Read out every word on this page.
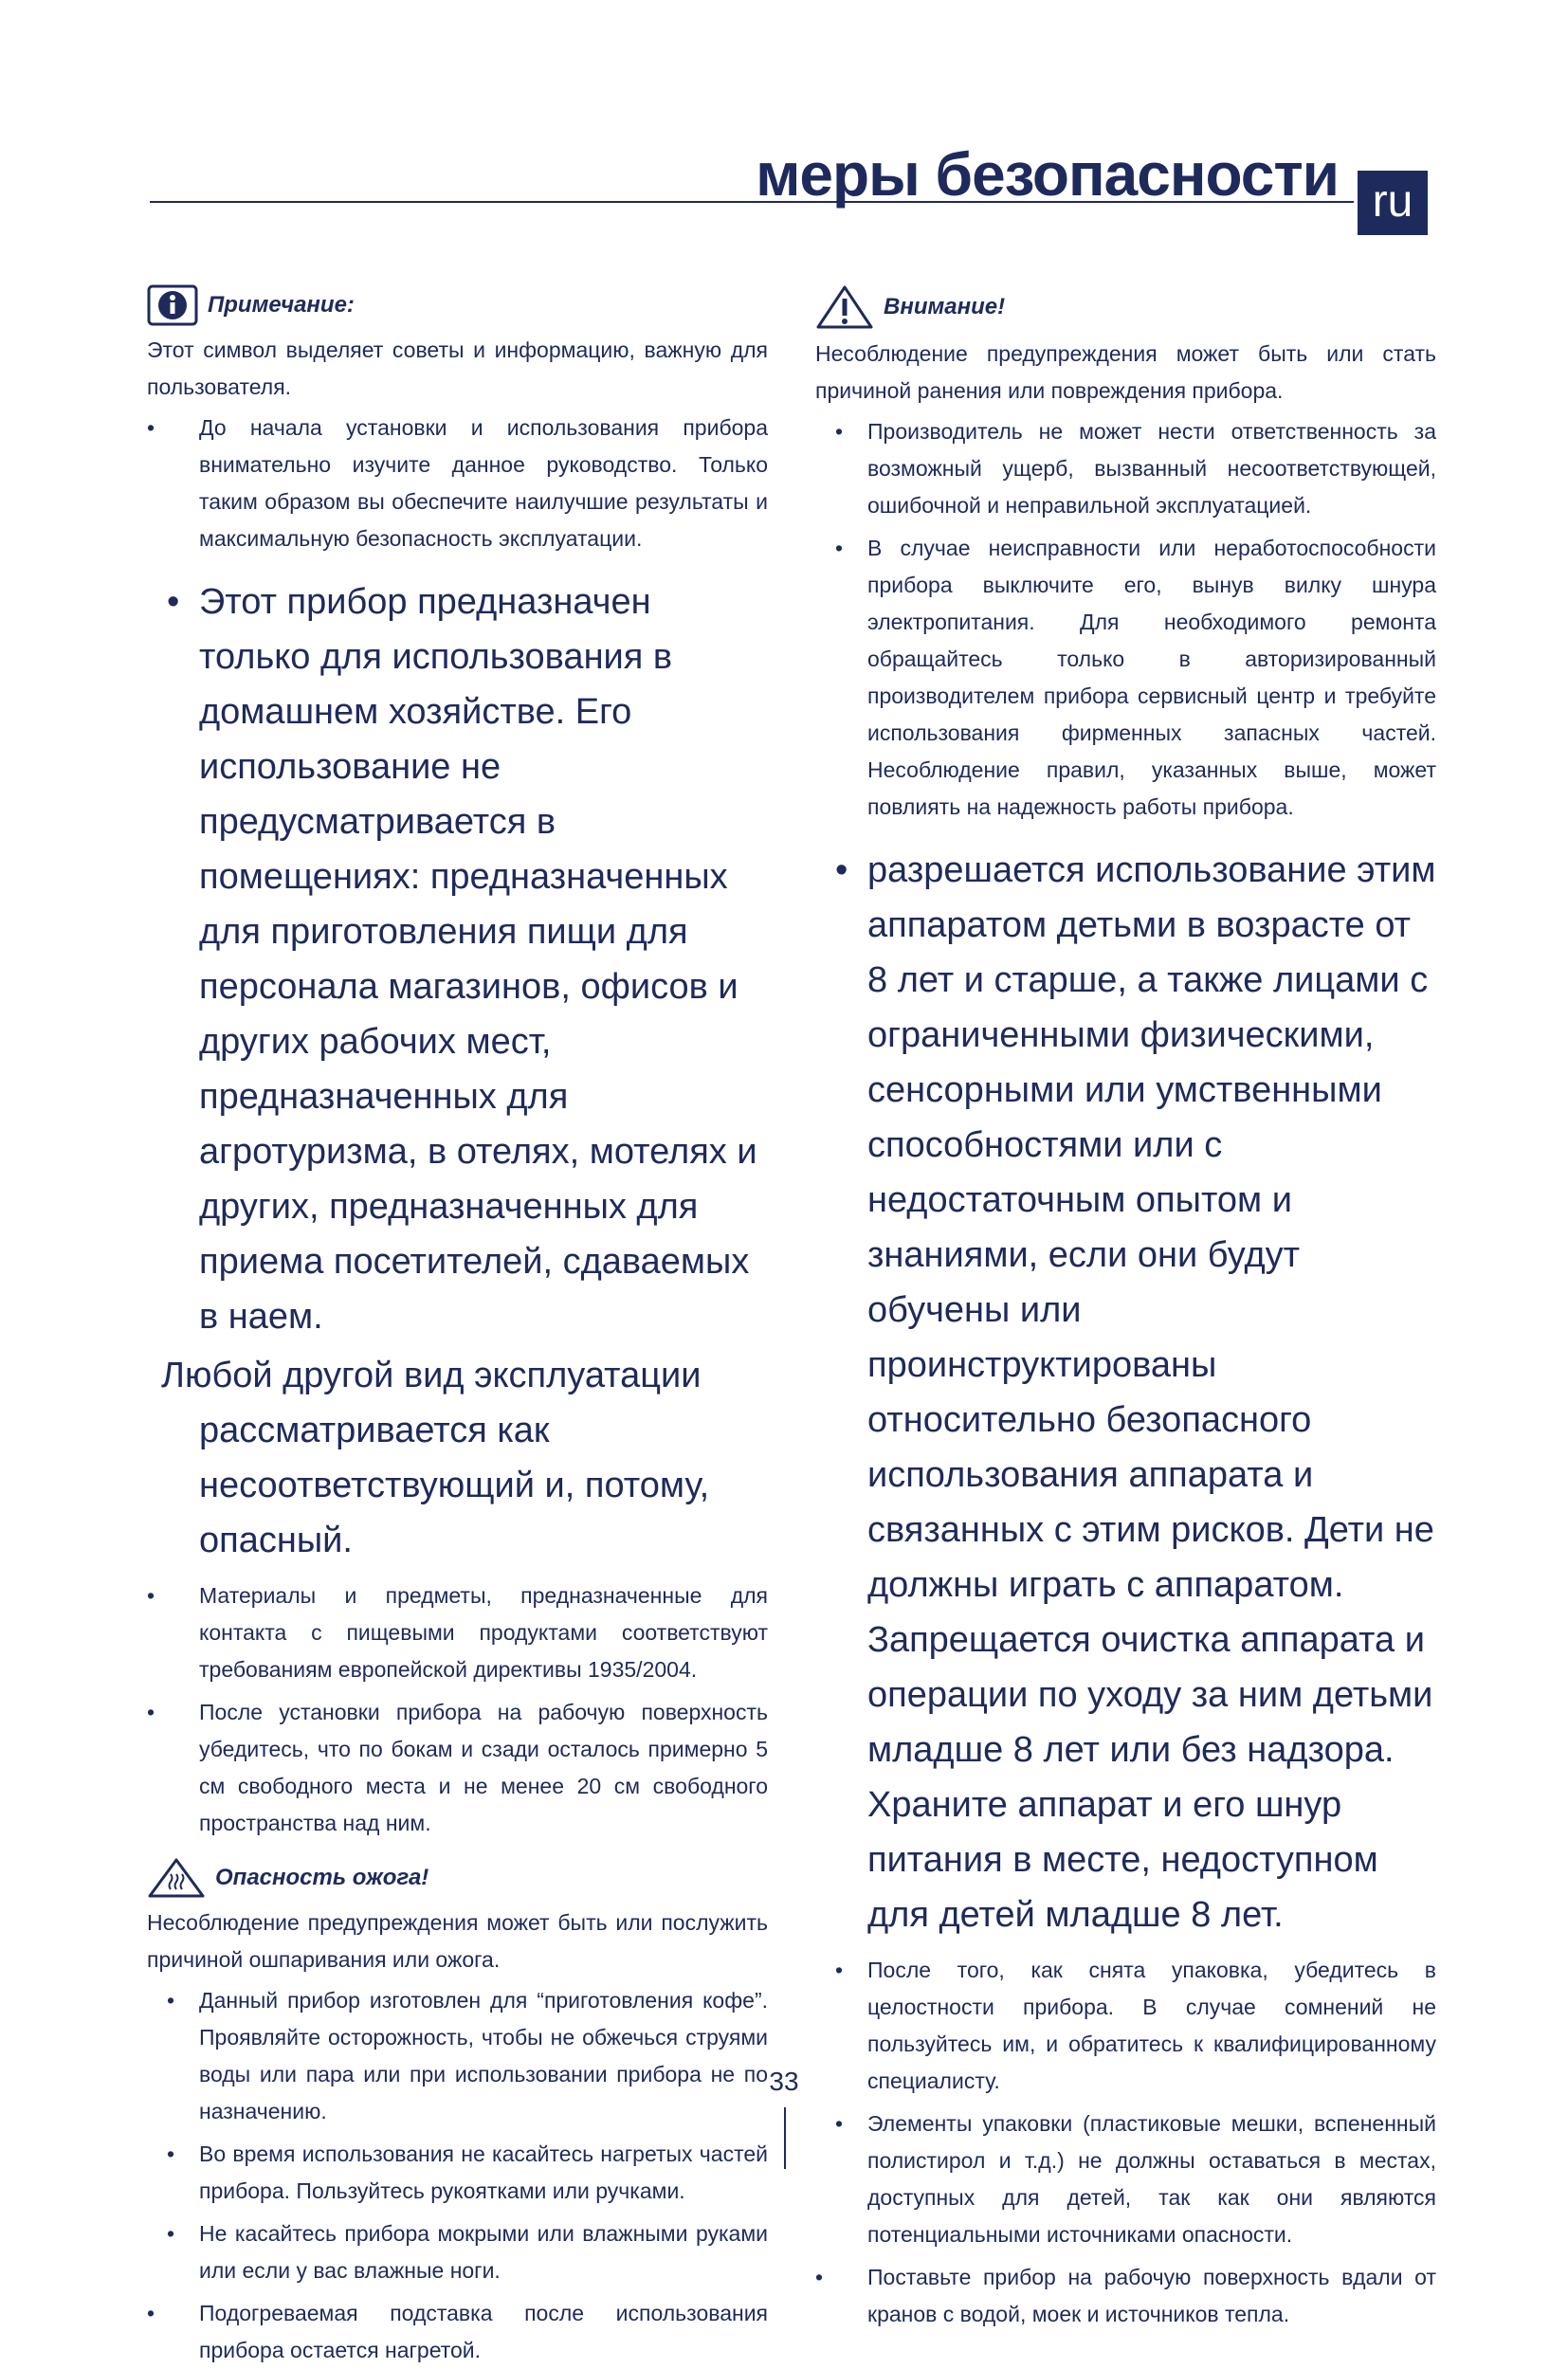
меры безопасности ru
Примечание:

Этот символ выделяет советы и информацию, важную для пользователя.

• До начала установки и использования прибора внимательно изучите данное руководство. Только таким образом вы обеспечите наилучшие результаты и максимальную безопасность эксплуатации.
• Этот прибор предназначен только для использования в домашнем хозяйстве. Его использование не предусматривается в помещениях: предназначенных для приготовления пищи для персонала магазинов, офисов и других рабочих мест, предназначенных для агротуризма, в отелях, мотелях и других, предназначенных для приема посетителей, сдаваемых в наем.
Любой другой вид эксплуатации рассматривается как несоответствующий и, потому, опасный.
• Материалы и предметы, предназначенные для контакта с пищевыми продуктами соответствуют требованиям европейской директивы 1935/2004.
• После установки прибора на рабочую поверхность убедитесь, что по бокам и сзади осталось примерно 5 см свободного места и не менее 20 см свободного пространства над ним.
Опасность ожога!

Несоблюдение предупреждения может быть или послужить причиной ошпаривания или ожога.

• Данный прибор изготовлен для “приготовления кофе”. Проявляйте осторожность, чтобы не обжечься струями воды или пара или при использовании прибора не по назначению.
• Во время использования не касайтесь нагретых частей прибора. Пользуйтесь рукоятками или ручками.
• Не касайтесь прибора мокрыми или влажными руками или если у вас влажные ноги.
• Подогреваемая подставка после использования прибора остается нагретой.
Внимание!

Несоблюдение предупреждения может быть или стать причиной ранения или повреждения прибора.

• Производитель не может нести ответственность за возможный ущерб, вызванный несоответствующей, ошибочной и неправильной эксплуатацией.
• В случае неисправности или неработоспособности прибора выключите его, вынув вилку шнура электропитания. Для необходимого ремонта обращайтесь только в авторизированный производителем прибора сервисный центр и требуйте использования фирменных запасных частей. Несоблюдение правил, указанных выше, может повлиять на надежность работы прибора.
• разрешается использование этим аппаратом детьми в возрасте от 8 лет и старше, а также лицами с ограниченными физическими, сенсорными или умственными способностями или с недостаточным опытом и знаниями, если они будут обучены или проинструктированы относительно безопасного использования аппарата и связанных с этим рисков. Дети не должны играть с аппаратом. Запрещается очистка аппарата и операции по уходу за ним детьми младше 8 лет или без надзора. Храните аппарат и его шнур питания в месте, недоступном для детей младше 8 лет.
• После того, как снята упаковка, убедитесь в целостности прибора. В случае сомнений не пользуйтесь им, и обратитесь к квалифицированному специалисту.
• Элементы упаковки (пластиковые мешки, вспененный полистирол и т.д.) не должны оставаться в местах, доступных для детей, так как они являются потенциальными источниками опасности.
• Поставьте прибор на рабочую поверхность вдали от кранов с водой, моек и источников тепла.
33
